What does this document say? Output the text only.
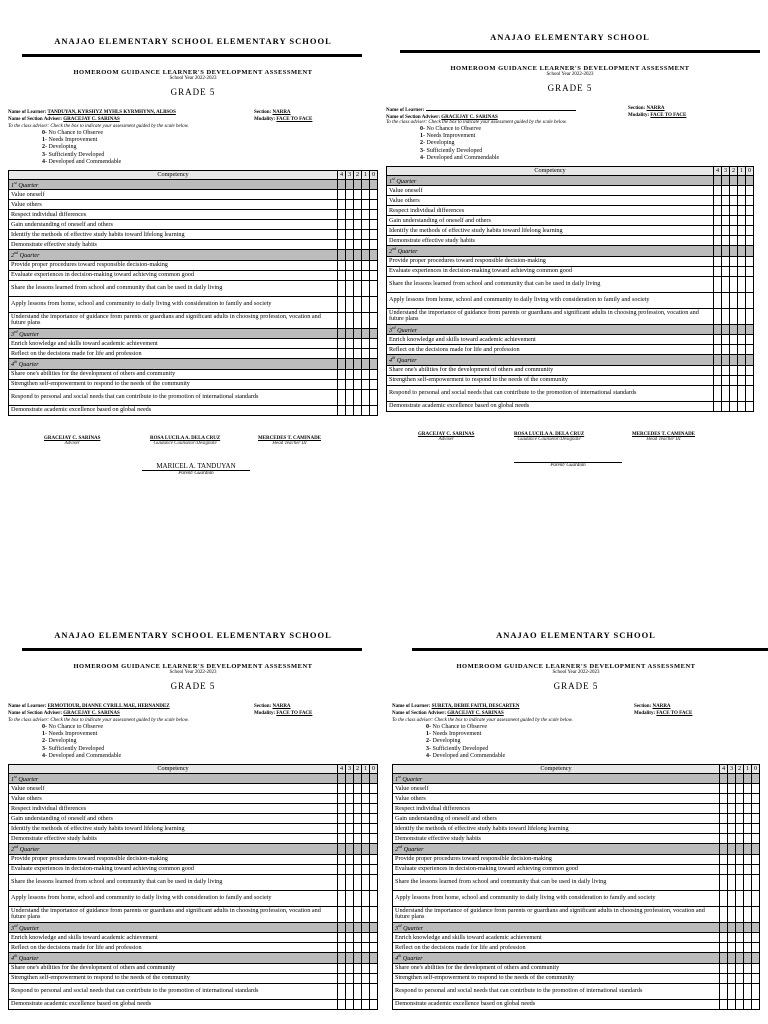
ANAJAO ELEMENTARY SCHOOL ELEMENTARY SCHOOL
HOMEROOM GUIDANCE LEARNER'S DEVELOPMENT ASSESSMENT
School Year 2022-2023
GRADE 5
Name of Learner: TANDUYAN, KYRSHYZ MYHLS KYRMHYNN, ALBSOS
Name of Section Adviser: GRACEJAY C. SARINAS
Section: NARRA
Modality: FACE TO FACE
To the class adviser: Check the box to indicate your assessment guided by the scale below.
0- No Chance to Observe
1- Needs Improvement
2- Developing
3- Sufficiently Developed
4- Developed and Commendable
Competency	4	3	2	1	0
1st Quarter					
Value oneself					
Value others					
Respect individual differences					
Gain understanding of oneself and others					
Identify the methods of effective study habits toward lifelong learning					
Demonstrate effective study habits					
2nd Quarter					
Provide proper procedures toward responsible decision-making					
Evaluate experiences in decision-making toward achieving common good					
Share the lessons learned from school and community that can be used in daily living					
Apply lessons from home, school and community to daily living with consideration to family and society					
Understand the importance of guidance from parents or guardians and significant adults in choosing profession, vocation and future plans					
3rd Quarter					
Enrich knowledge and skills toward academic achievement					
Reflect on the decisions made for life and profession					
4th Quarter					
Share one's abilities for the development of others and community					
Strengthen self-empowerment to respond to the needs of the community					
Respond to personal and social needs that can contribute to the promotion of international standards					
Demonstrate academic excellence based on global needs					
GRACEJAY C. SARINAS
Adviser
ROSA LUCILA A. DELA CRUZ
Guidance Counselor/Designate
MERCEDES T. CAMINADE
Head Teacher III
MARICEL A. TANDUYAN
Parent/ Guardian
ANAJAO ELEMENTARY SCHOOL
HOMEROOM GUIDANCE LEARNER'S DEVELOPMENT ASSESSMENT
School Year 2022-2023
GRADE 5
Name of Learner:
Name of Section Adviser: GRACEJAY C. SARINAS
Section: NARRA
Modality: FACE TO FACE
To the class adviser: Check the box to indicate your assessment guided by the scale below.
0- No Chance to Observe
1- Needs Improvement
2- Developing
3- Sufficiently Developed
4- Developed and Commendable
Competency	4	3	2	1	0
1st Quarter					
Value oneself					
Value others					
Respect individual differences					
Gain understanding of oneself and others					
Identify the methods of effective study habits toward lifelong learning					
Demonstrate effective study habits					
2nd Quarter					
Provide proper procedures toward responsible decision-making					
Evaluate experiences in decision-making toward achieving common good					
Share the lessons learned from school and community that can be used in daily living					
Apply lessons from home, school and community to daily living with consideration to family and society					
Understand the importance of guidance from parents or guardians and significant adults in choosing profession, vocation and future plans					
3rd Quarter					
Enrich knowledge and skills toward academic achievement					
Reflect on the decisions made for life and profession					
4th Quarter					
Share one's abilities for the development of others and community					
Strengthen self-empowerment to respond to the needs of the community					
Respond to personal and social needs that can contribute to the promotion of international standards					
Demonstrate academic excellence based on global needs					
GRACEJAY C. SARINAS
Adviser
ROSA LUCILA A. DELA CRUZ
Guidance Counselor/Designate
MERCEDES T. CAMINADE
Head Teacher III
Parent/ Guardian
ANAJAO ELEMENTARY SCHOOL ELEMENTARY SCHOOL
HOMEROOM GUIDANCE LEARNER'S DEVELOPMENT ASSESSMENT
School Year 2022-2023
GRADE 5
Name of Learner: ERMOTIOUR, DIANNE CYRILL MAE, HERNANDEZ
Name of Section Adviser: GRACEJAY C. SARINAS
Section: NARRA
Modality: FACE TO FACE
To the class adviser: Check the box to indicate your assessment guided by the scale below.
0- No Chance to Observe
1- Needs Improvement
2- Developing
3- Sufficiently Developed
4- Developed and Commendable
Competency	4	3	2	1	0
1st Quarter					
Value oneself					
Value others					
Respect individual differences					
Gain understanding of oneself and others					
Identify the methods of effective study habits toward lifelong learning					
Demonstrate effective study habits					
2nd Quarter					
Provide proper procedures toward responsible decision-making					
Evaluate experiences in decision-making toward achieving common good					
Share the lessons learned from school and community that can be used in daily living					
Apply lessons from home, school and community to daily living with consideration to family and society					
Understand the importance of guidance from parents or guardians and significant adults in choosing profession, vocation and future plans					
3rd Quarter					
Enrich knowledge and skills toward academic achievement					
Reflect on the decisions made for life and profession					
4th Quarter					
Share one's abilities for the development of others and community					
Strengthen self-empowerment to respond to the needs of the community					
Respond to personal and social needs that can contribute to the promotion of international standards					
Demonstrate academic excellence based on global needs					
ANAJAO ELEMENTARY SCHOOL
HOMEROOM GUIDANCE LEARNER'S DEVELOPMENT ASSESSMENT
School Year 2022-2023
GRADE 5
Name of Learner: SURETA, DEBIE FAITH, DESCARTEN
Name of Section Adviser: GRACEJAY C. SARINAS
Section: NARRA
Modality: FACE TO FACE
To the class adviser: Check the box to indicate your assessment guided by the scale below.
0- No Chance to Observe
1- Needs Improvement
2- Developing
3- Sufficiently Developed
4- Developed and Commendable
Competency	4	3	2	1	0
1st Quarter					
Value oneself					
Value others					
Respect individual differences					
Gain understanding of oneself and others					
Identify the methods of effective study habits toward lifelong learning					
Demonstrate effective study habits					
2nd Quarter					
Provide proper procedures toward responsible decision-making					
Evaluate experiences in decision-making toward achieving common good					
Share the lessons learned from school and community that can be used in daily living					
Apply lessons from home, school and community to daily living with consideration to family and society					
Understand the importance of guidance from parents or guardians and significant adults in choosing profession, vocation and future plans					
3rd Quarter					
Enrich knowledge and skills toward academic achievement					
Reflect on the decisions made for life and profession					
4th Quarter					
Share one's abilities for the development of others and community					
Strengthen self-empowerment to respond to the needs of the community					
Respond to personal and social needs that can contribute to the promotion of international standards					
Demonstrate academic excellence based on global needs					
